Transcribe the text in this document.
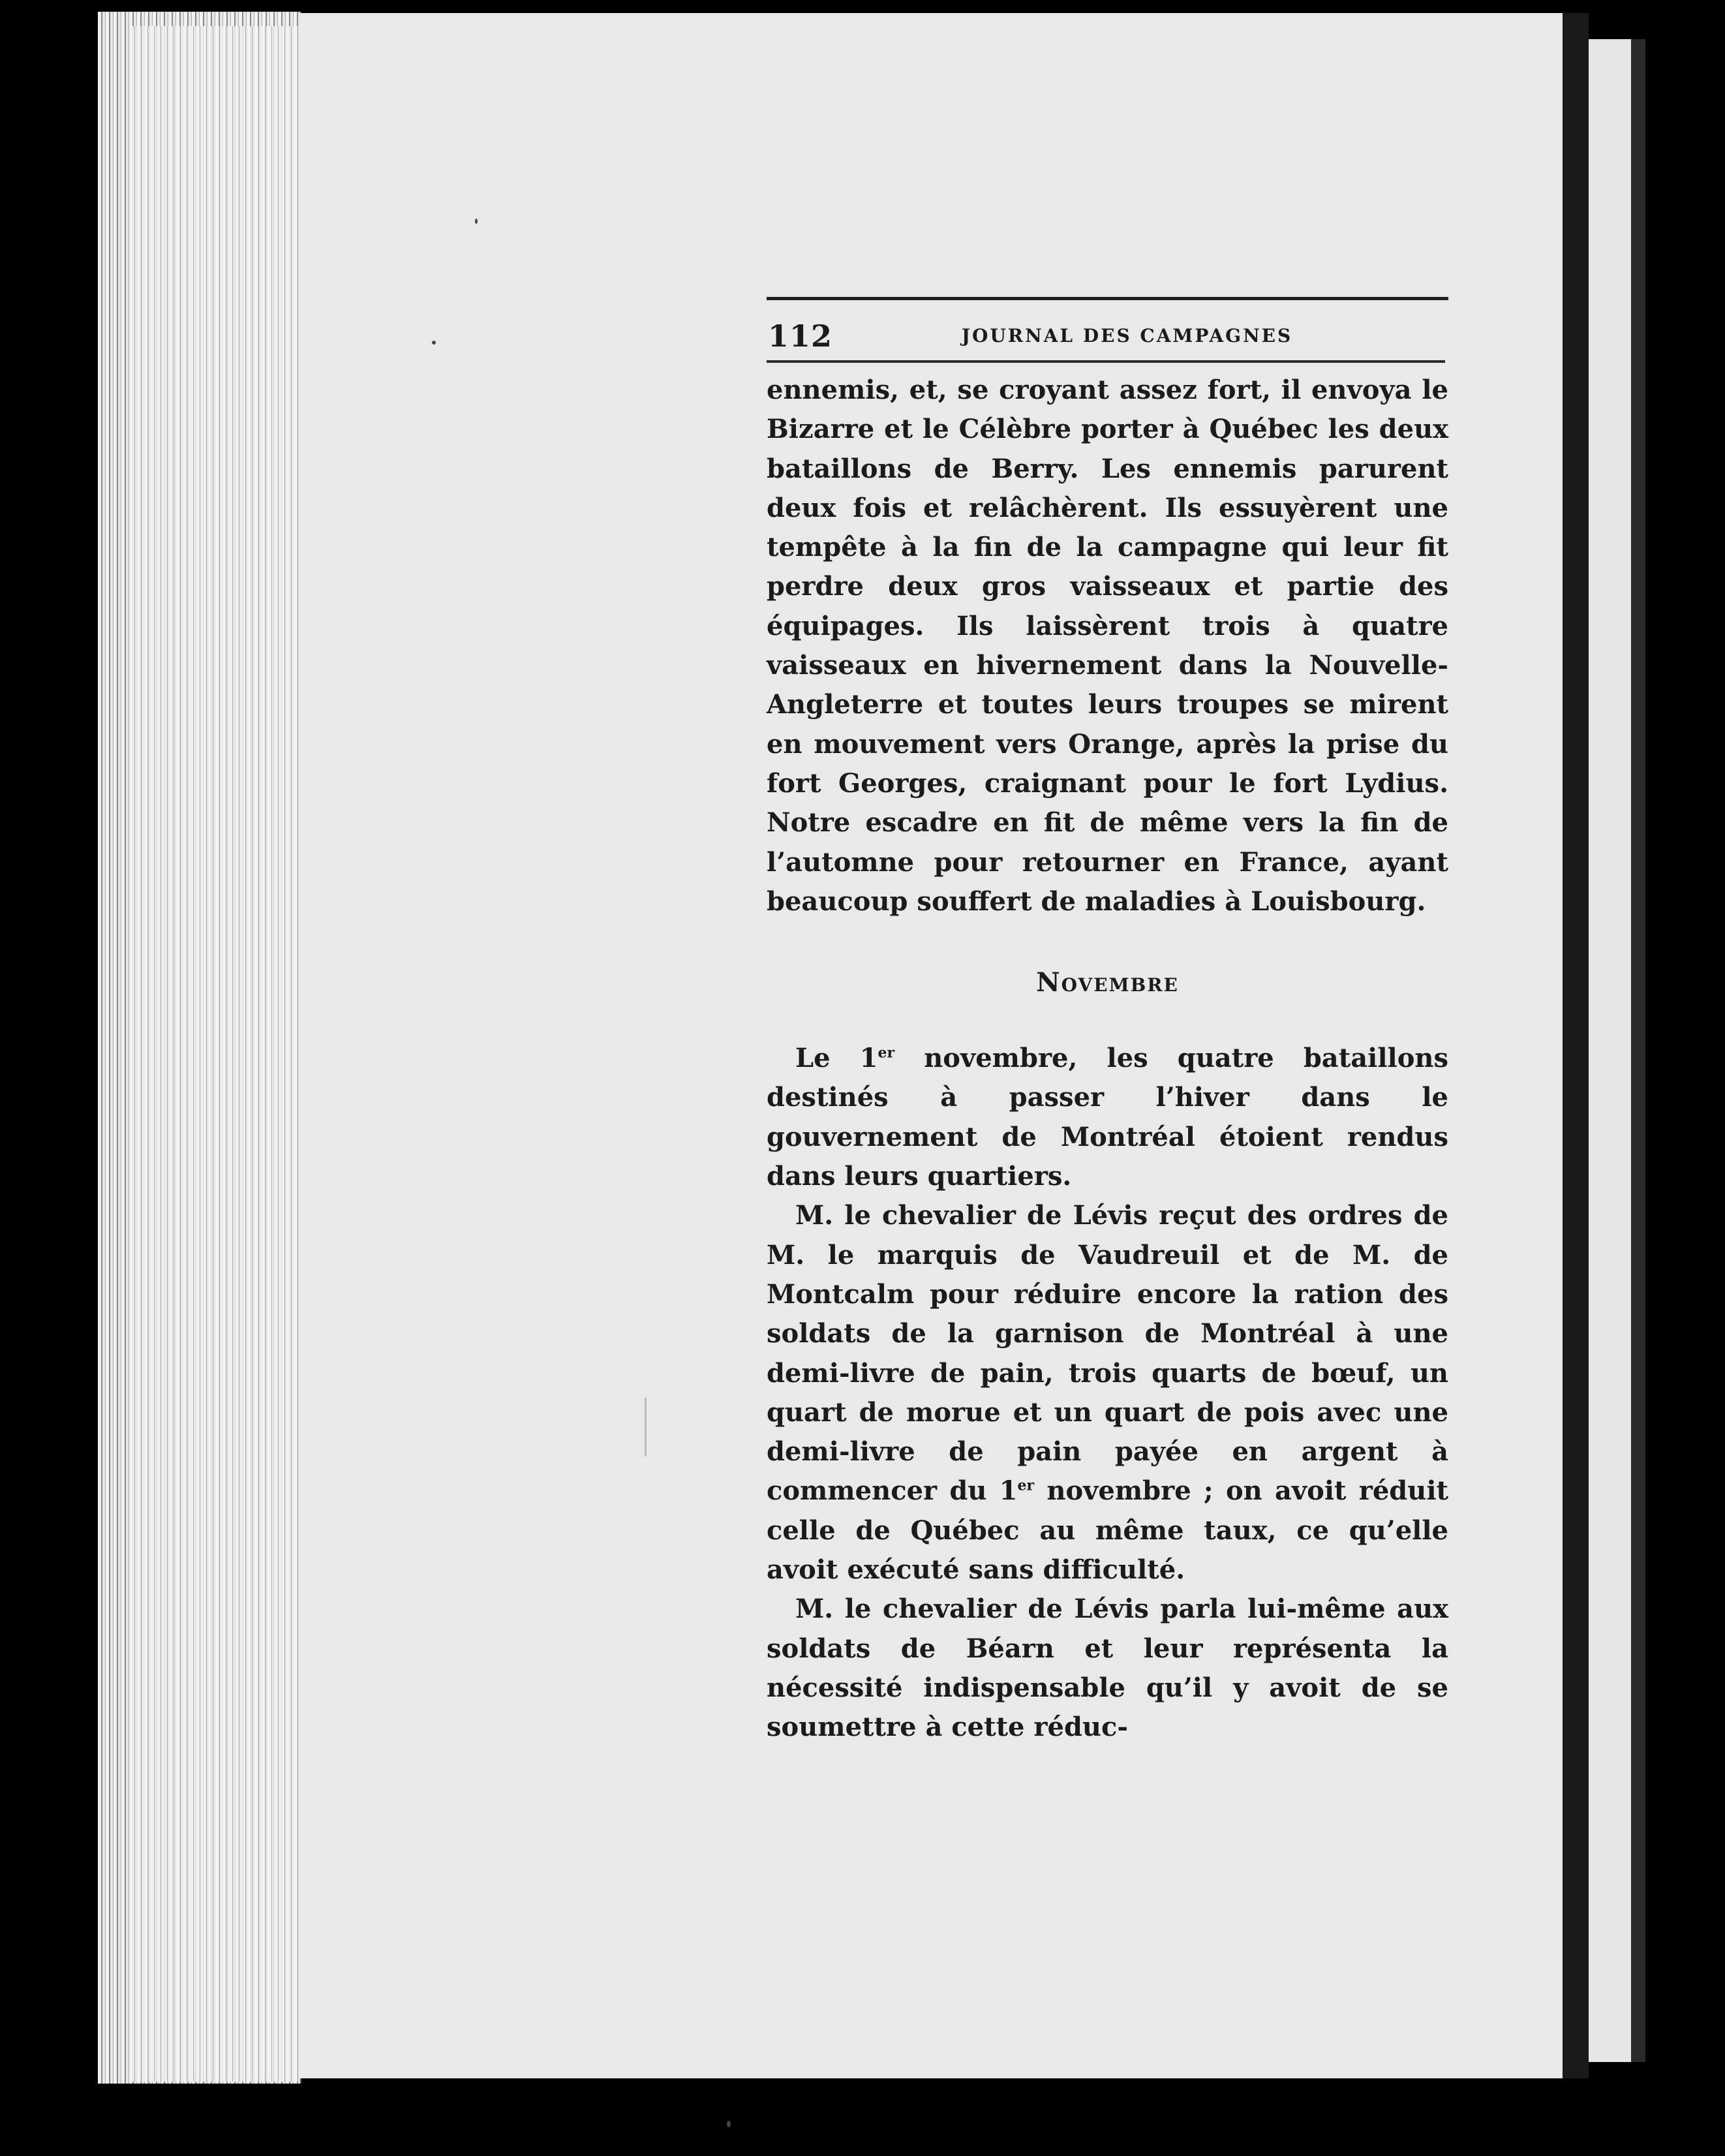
112	JOURNAL DES CAMPAGNES

ennemis, et, se croyant assez fort, il envoya le Bizarre et le Célèbre porter à Québec les deux bataillons de Berry. Les ennemis parurent deux fois et relâchèrent. Ils essuyèrent une tempête à la fin de la campagne qui leur fit perdre deux gros vaisseaux et partie des équipages. Ils laissèrent trois à quatre vaisseaux en hivernement dans la Nouvelle-Angleterre et toutes leurs troupes se mirent en mouvement vers Orange, après la prise du fort Georges, craignant pour le fort Lydius. Notre escadre en fit de même vers la fin de l’automne pour retourner en France, ayant beaucoup souffert de maladies à Louisbourg.

Novembre

Le 1er novembre, les quatre bataillons destinés à passer l’hiver dans le gouvernement de Montréal étoient rendus dans leurs quartiers.

M. le chevalier de Lévis reçut des ordres de M. le marquis de Vaudreuil et de M. de Montcalm pour réduire encore la ration des soldats de la garnison de Montréal à une demi-livre de pain, trois quarts de bœuf, un quart de morue et un quart de pois avec une demi-livre de pain payée en argent à commencer du 1er novembre ; on avoit réduit celle de Québec au même taux, ce qu’elle avoit exécuté sans difficulté.

M. le chevalier de Lévis parla lui-même aux soldats de Béarn et leur représenta la nécessité indispensable qu’il y avoit de se soumettre à cette réduc-
